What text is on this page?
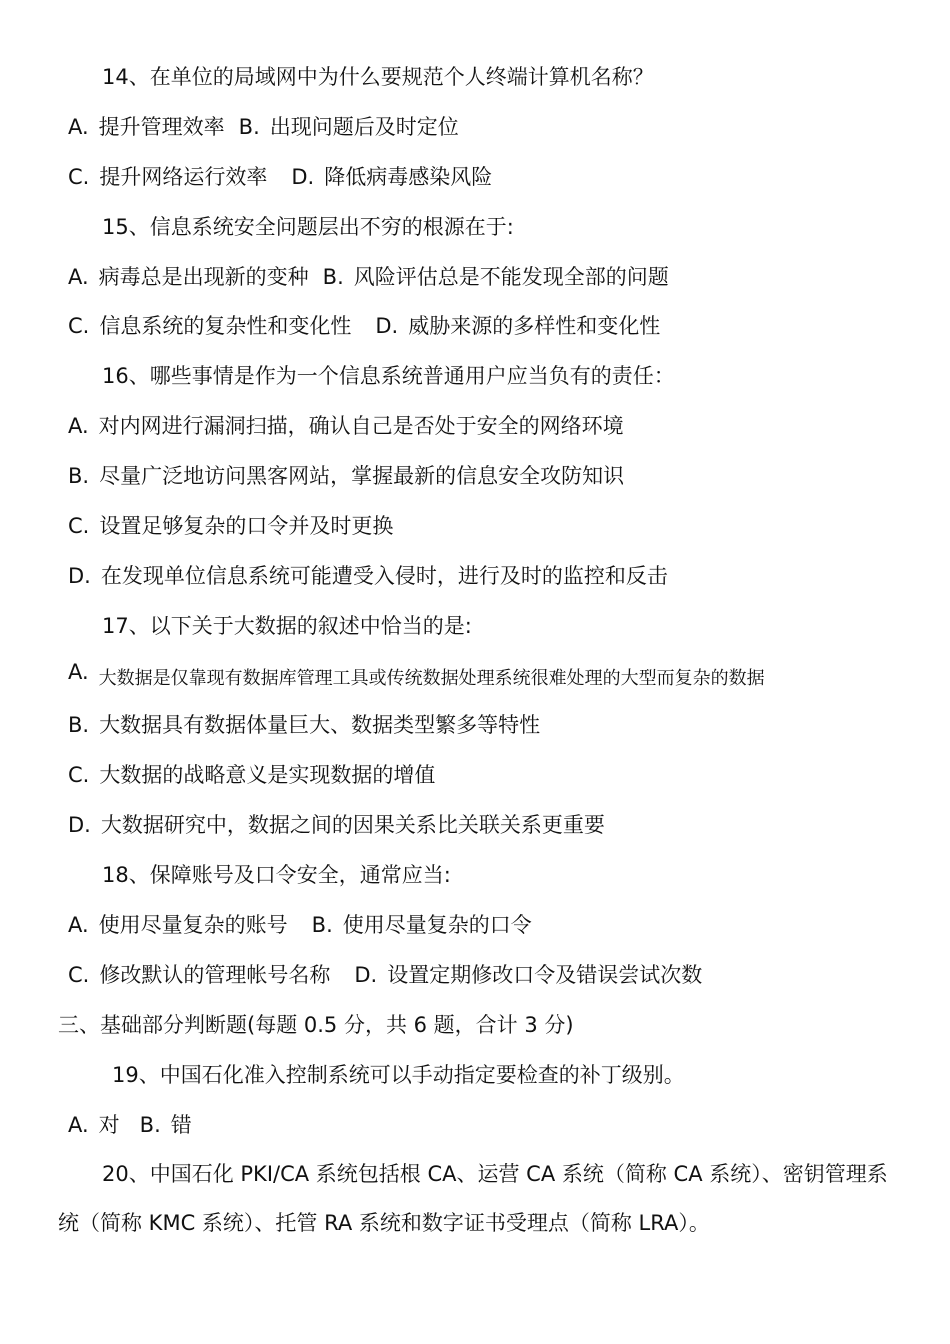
14、在单位的局域网中为什么要规范个人终端计算机名称？
A. 提升管理效率 B. 出现问题后及时定位
C. 提升网络运行效率 D. 降低病毒感染风险
15、信息系统安全问题层出不穷的根源在于:
A. 病毒总是出现新的变种 B. 风险评估总是不能发现全部的问题
C. 信息系统的复杂性和变化性 D. 威胁来源的多样性和变化性
16、哪些事情是作为一个信息系统普通用户应当负有的责任：
A. 对内网进行漏洞扫描，确认自己是否处于安全的网络环境
B. 尽量广泛地访问黑客网站，掌握最新的信息安全攻防知识
C. 设置足够复杂的口令并及时更换
D. 在发现单位信息系统可能遭受入侵时，进行及时的监控和反击
17、以下关于大数据的叙述中恰当的是:
A. 大数据是仅靠现有数据库管理工具或传统数据处理系统很难处理的大型而复杂的数据
B. 大数据具有数据体量巨大、数据类型繁多等特性
C. 大数据的战略意义是实现数据的增值
D. 大数据研究中，数据之间的因果关系比关联关系更重要
18、保障账号及口令安全，通常应当:
A. 使用尽量复杂的账号 B. 使用尽量复杂的口令
C. 修改默认的管理帐号名称 D. 设置定期修改口令及错误尝试次数
三、基础部分判断题(每题 0.5 分，共 6 题，合计 3 分)
19、中国石化准入控制系统可以手动指定要检查的补丁级别。
A. 对 B. 错
20、中国石化 PKI/CA 系统包括根 CA、运营 CA 系统（简称 CA 系统）、密钥管理系
统（简称 KMC 系统）、托管 RA 系统和数字证书受理点（简称 LRA）。
